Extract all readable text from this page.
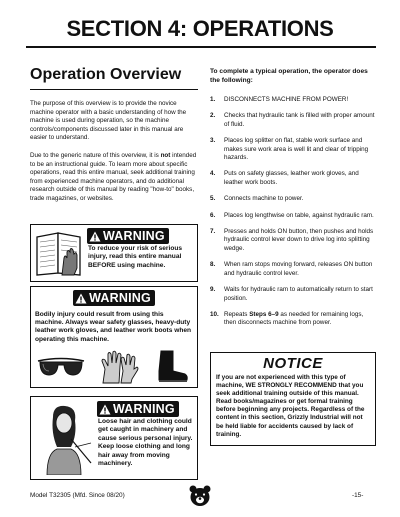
SECTION 4: OPERATIONS
Operation Overview

The purpose of this overview is to provide the novice machine operator with a basic understanding of how the machine is used during operation, so the machine controls/components discussed later in this manual are easier to understand.

Due to the generic nature of this overview, it is not intended to be an instructional guide. To learn more about specific operations, read this entire manual, seek additional training from experienced machine operators, and do additional research outside of this manual by reading "how-to" books, trade magazines, or websites.

WARNING
To reduce your risk of serious injury, read this entire manual BEFORE using machine.
WARNING
Bodily injury could result from using this machine. Always wear safety glasses, heavy-duty leather work gloves, and leather work boots when operating this machine.
WARNING
Loose hair and clothing could get caught in machinery and cause serious personal injury. Keep loose clothing and long hair away from moving machinery.
To complete a typical operation, the operator does the following:
1.	DISCONNECTS MACHINE FROM POWER!
2.	Checks that hydraulic tank is filled with proper amount of fluid.
3.	Places log splitter on flat, stable work surface and makes sure work area is well lit and clear of tripping hazards.
4.	Puts on safety glasses, leather work gloves, and leather work boots.
5.	Connects machine to power.
6.	Places log lengthwise on table, against hydraulic ram.
7.	Presses and holds ON button, then pushes and holds hydraulic control lever down to drive log into splitting wedge.
8.	When ram stops moving forward, releases ON button and hydraulic control lever.
9.	Waits for hydraulic ram to automatically return to start position.
10. Repeats Steps 6–9 as needed for remaining logs, then disconnects machine from power.
NOTICE
If you are not experienced with this type of machine, WE STRONGLY RECOMMEND that you seek additional training outside of this manual. Read books/magazines or get formal training before beginning any projects. Regardless of the content in this section, Grizzly Industrial will not be held liable for accidents caused by lack of training.
Model T32305 (Mfd. Since 08/20)	-15-
